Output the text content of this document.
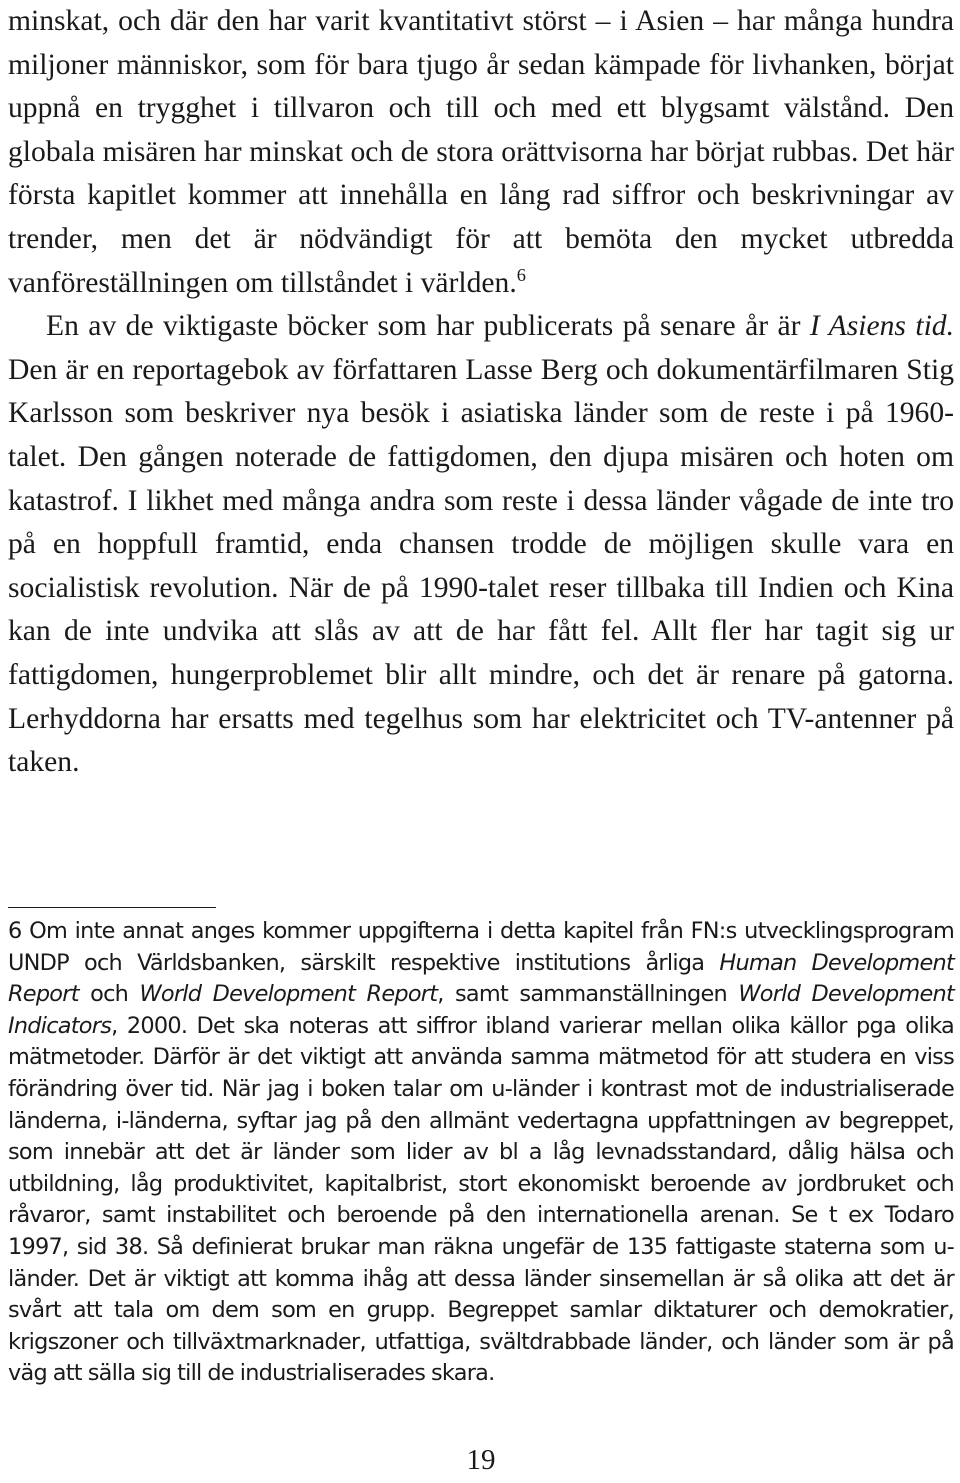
minskat, och där den har varit kvantitativt störst – i Asien – har många hundra miljoner människor, som för bara tjugo år sedan kämpade för livhanken, börjat uppnå en trygghet i tillvaron och till och med ett blygsamt välstånd. Den globala misären har minskat och de stora orättvisorna har börjat rubbas. Det här första kapitlet kommer att innehålla en lång rad siffror och beskrivningar av trender, men det är nödvändigt för att bemöta den mycket utbredda vanföreställningen om tillståndet i världen.$^6$

En av de viktigaste böcker som har publicerats på senare år är I Asiens tid. Den är en reportagebok av författaren Lasse Berg och dokumentärfilmaren Stig Karlsson som beskriver nya besök i asiatiska länder som de reste i på 1960-talet. Den gången noterade de fattigdomen, den djupa misären och hoten om katastrof. I likhet med många andra som reste i dessa länder vågade de inte tro på en hoppfull framtid, enda chansen trodde de möjligen skulle vara en socialistisk revolution. När de på 1990-talet reser tillbaka till Indien och Kina kan de inte undvika att slås av att de har fått fel. Allt fler har tagit sig ur fattigdomen, hungerproblemet blir allt mindre, och det är renare på gatorna. Lerhyddorna har ersatts med tegelhus som har elektricitet och TV-antenner på taken.

6 Om inte annat anges kommer uppgifterna i detta kapitel från FN:s utvecklingsprogram UNDP och Världsbanken, särskilt respektive institutions årliga Human Development Report och World Development Report, samt sammanställningen World Development Indicators, 2000. Det ska noteras att siffror ibland varierar mellan olika källor pga olika mätmetoder. Därför är det viktigt att använda samma mätmetod för att studera en viss förändring över tid. När jag i boken talar om u-länder i kontrast mot de industrialiserade länderna, i-länderna, syftar jag på den allmänt vedertagna uppfattningen av begreppet, som innebär att det är länder som lider av bl a låg levnadsstandard, dålig hälsa och utbildning, låg produktivitet, kapitalbrist, stort ekonomiskt beroende av jordbruket och råvaror, samt instabilitet och beroende på den internationella arenan. Se t ex Todaro 1997, sid 38. Så definierat brukar man räkna ungefär de 135 fattigaste staterna som u-länder. Det är viktigt att komma ihåg att dessa länder sinsemellan är så olika att det är svårt att tala om dem som en grupp. Begreppet samlar diktaturer och demokratier, krigszoner och tillväxtmarknader, utfattiga, svältdrabbade länder, och länder som är på väg att sälla sig till de industrialiserades skara.

19
